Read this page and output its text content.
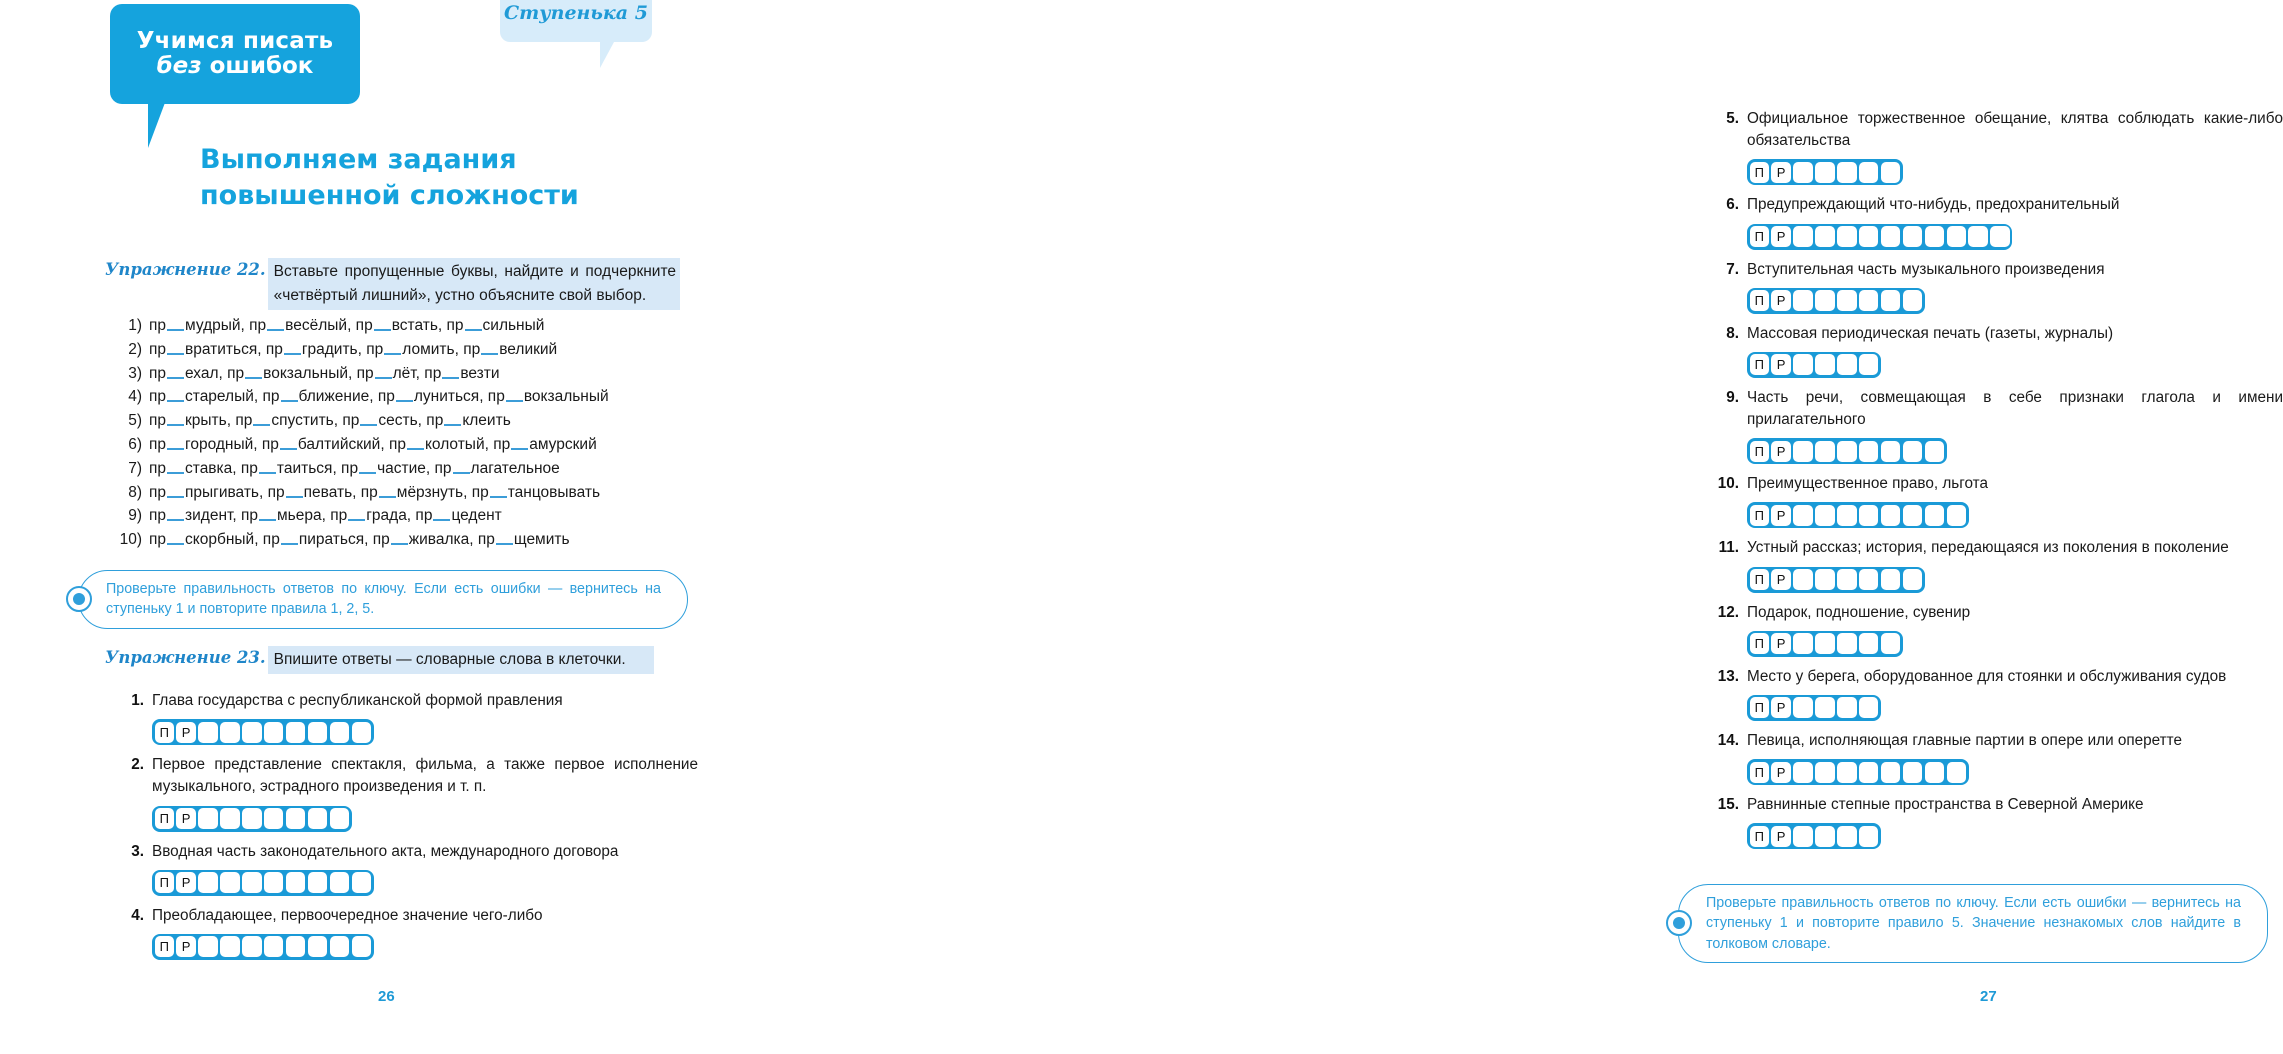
Учимся писать
без ошибок
Ступенька 5
Выполняем задания повышенной сложности
Упражнение 22. Вставьте пропущенные буквы, найдите и подчеркните «четвёртый лишний», устно объясните свой выбор.
1) пр мудрый, пр весёлый, пр встать, пр сильный
2) пр вратиться, пр градить, пр ломить, пр великий
3) пр ехал, пр вокзальный, пр лёт, пр везти
4) пр старелый, пр ближение, пр луниться, пр вокзальный
5) пр крыть, пр спустить, пр сесть, пр клеить
6) пр городный, пр балтийский, пр колотый, пр амурский
7) пр ставка, пр таиться, пр частие, пр лагательное
8) пр прыгивать, пр певать, пр мёрзнуть, пр танцовывать
9) пр зидент, пр мьера, пр града, пр цедент
10) пр скорбный, пр пираться, пр живалка, пр щемить
Проверьте правильность ответов по ключу. Если есть ошибки — вернитесь на ступеньку 1 и повторите правила 1, 2, 5.
Упражнение 23. Впишите ответы — словарные слова в клеточки.
1. Глава государства с республиканской формой правления
П Р
2. Первое представление спектакля, фильма, а также первое исполнение музыкального, эстрадного произведения и т. п.
П Р
3. Вводная часть законодательного акта, международного договора
П Р
4. Преобладающее, первоочередное значение чего-либо
П Р
26
5. Официальное торжественное обещание, клятва соблюдать какие-либо обязательства
П Р
6. Предупреждающий что-нибудь, предохранительный
П Р
7. Вступительная часть музыкального произведения
П Р
8. Массовая периодическая печать (газеты, журналы)
П Р
9. Часть речи, совмещающая в себе признаки глагола и имени прилагательного
П Р
10. Преимущественное право, льгота
П Р
11. Устный рассказ; история, передающаяся из поколения в поколение
П Р
12. Подарок, подношение, сувенир
П Р
13. Место у берега, оборудованное для стоянки и обслуживания судов
П Р
14. Певица, исполняющая главные партии в опере или оперетте
П Р
15. Равнинные степные пространства в Северной Америке
П Р
Проверьте правильность ответов по ключу. Если есть ошибки — вернитесь на ступеньку 1 и повторите правило 5. Значение незнакомых слов найдите в толковом словаре.
27
